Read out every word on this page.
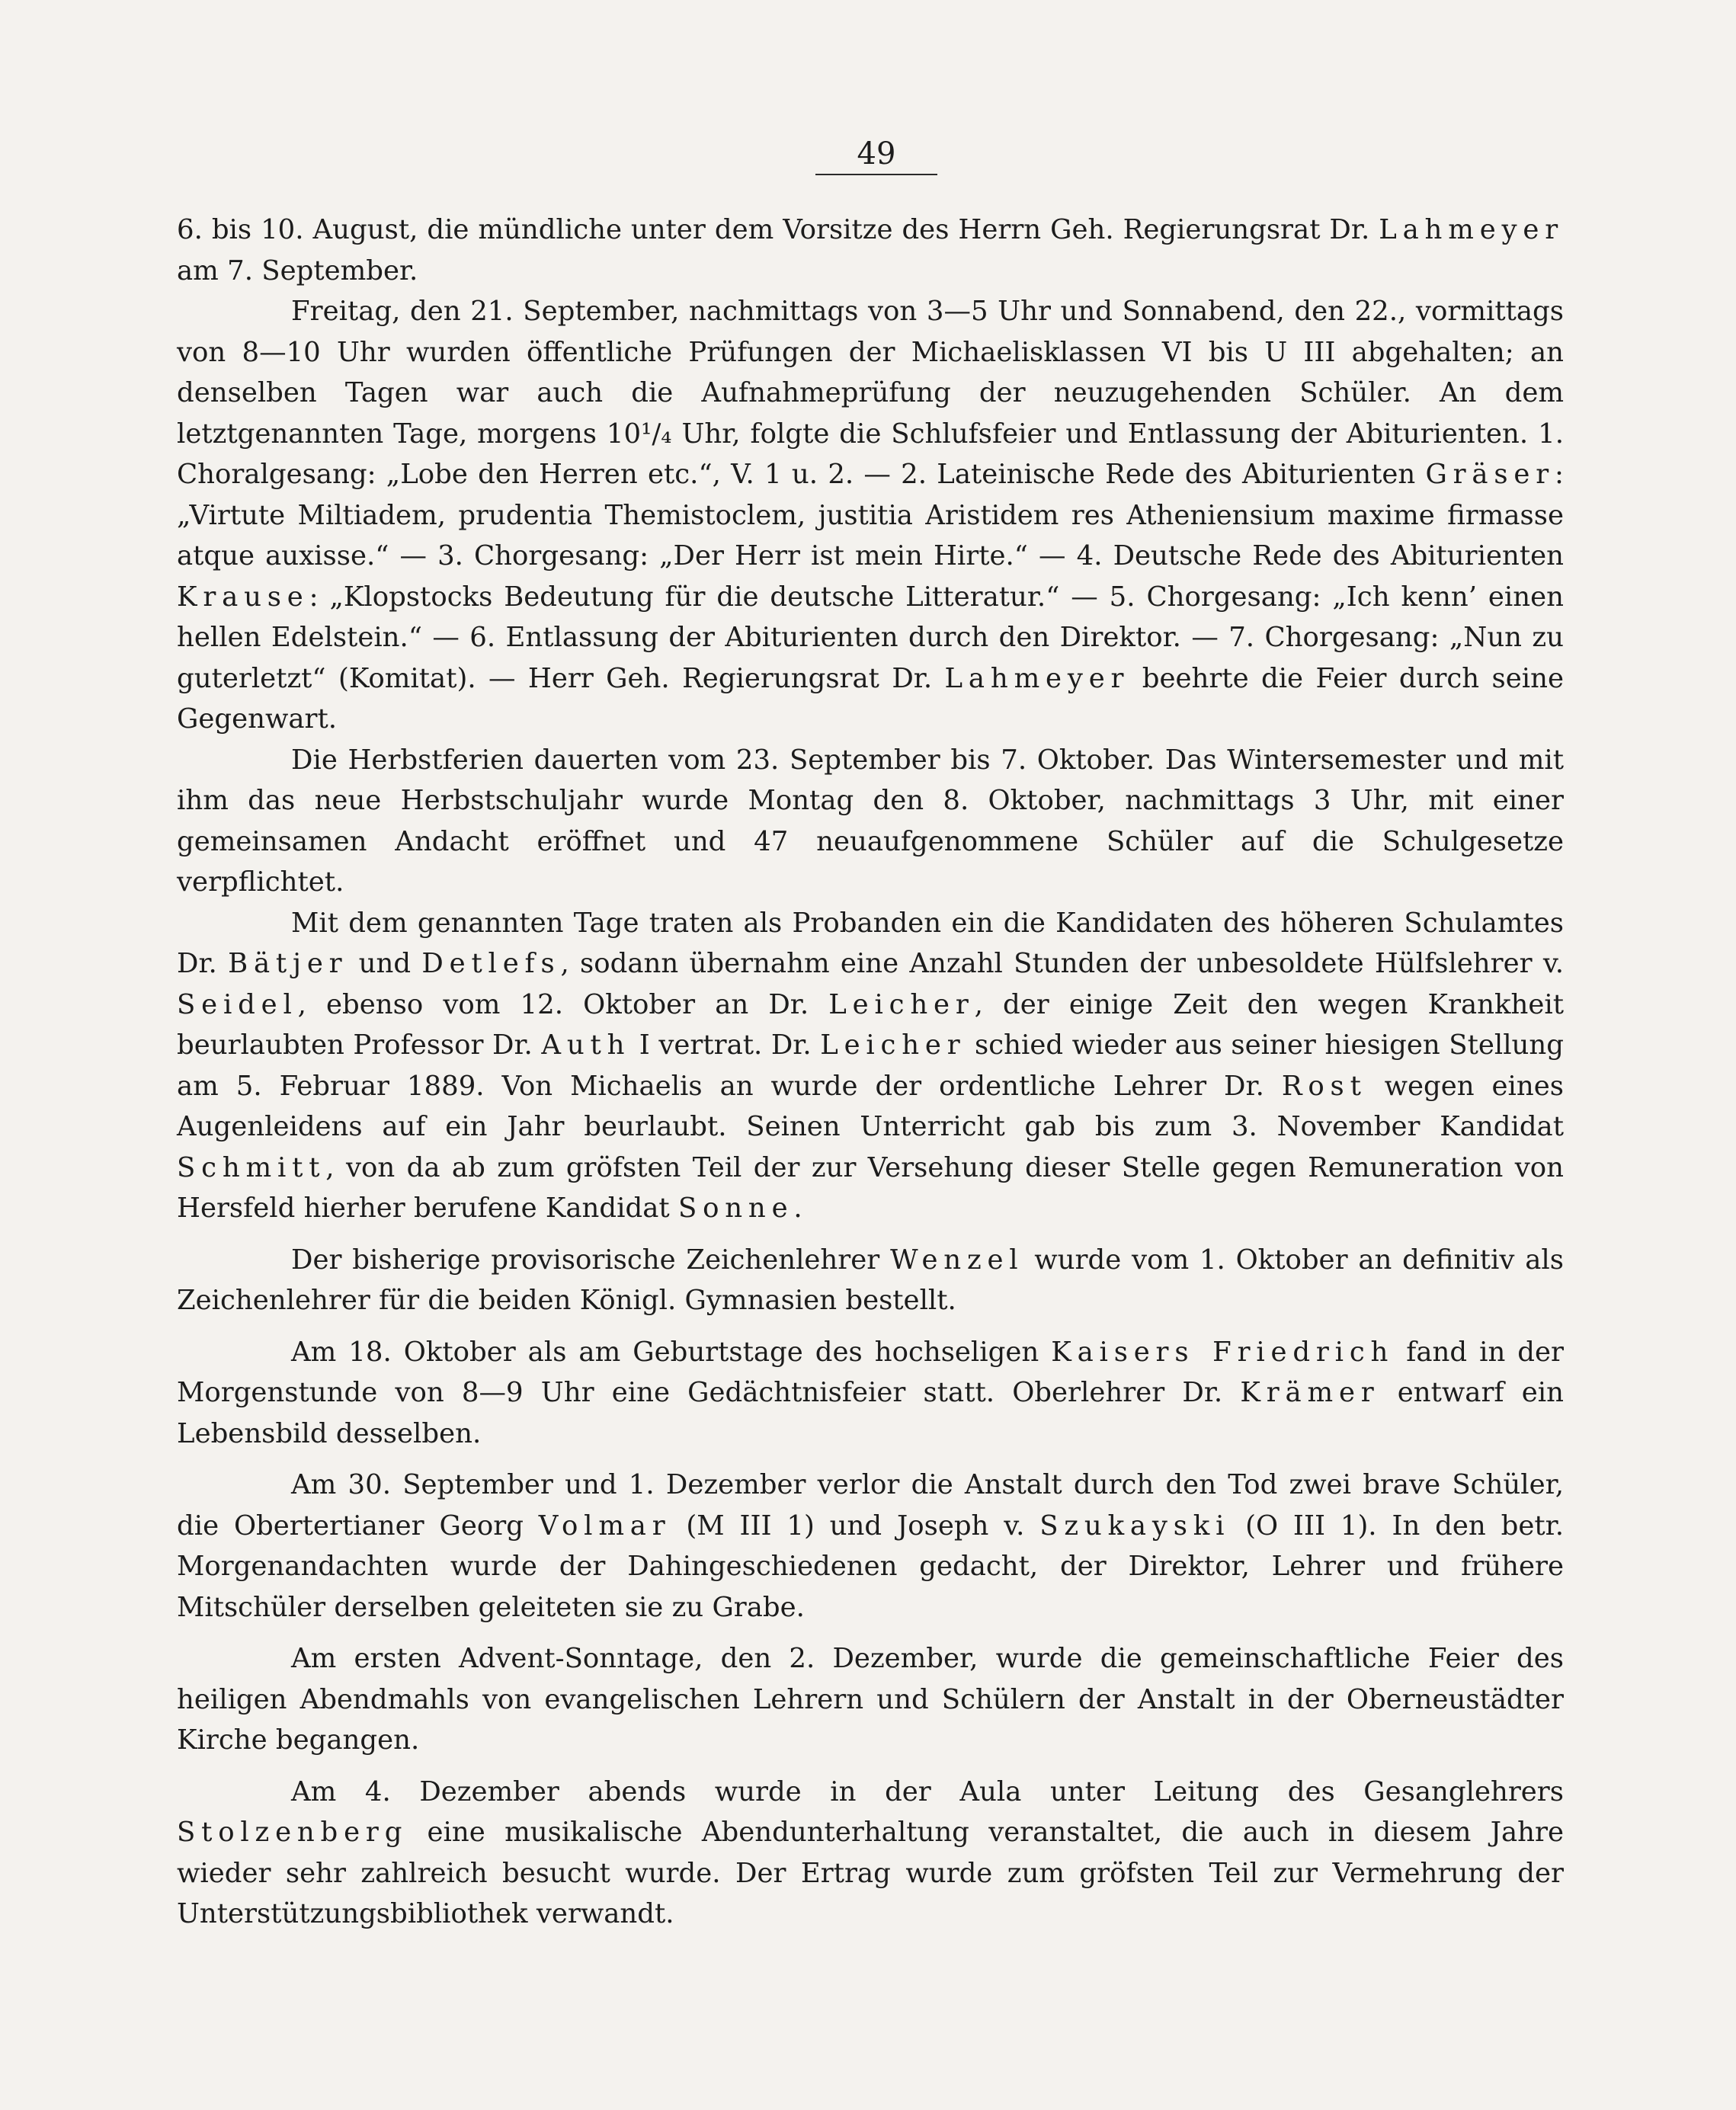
49

6. bis 10. August, die mündliche unter dem Vorsitze des Herrn Geh. Regierungsrat Dr. Lahmeyer am 7. September.

Freitag, den 21. September, nachmittags von 3—5 Uhr und Sonnabend, den 22., vormittags von 8—10 Uhr wurden öffentliche Prüfungen der Michaelisklassen VI bis U III abgehalten; an denselben Tagen war auch die Aufnahmeprüfung der neuzugehenden Schüler. An dem letztgenannten Tage, morgens 10¹/₄ Uhr, folgte die Schlufsfeier und Entlassung der Abiturienten. 1. Choralgesang: „Lobe den Herren etc.“, V. 1 u. 2. — 2. Lateinische Rede des Abiturienten Gräser: „Virtute Miltiadem, prudentia Themistoclem, justitia Aristidem res Atheniensium maxime firmasse atque auxisse.“ — 3. Chorgesang: „Der Herr ist mein Hirte.“ — 4. Deutsche Rede des Abiturienten Krause: „Klopstocks Bedeutung für die deutsche Litteratur.“ — 5. Chorgesang: „Ich kenn’ einen hellen Edelstein.“ — 6. Entlassung der Abiturienten durch den Direktor. — 7. Chorgesang: „Nun zu guterletzt“ (Komitat). — Herr Geh. Regierungsrat Dr. Lahmeyer beehrte die Feier durch seine Gegenwart.

Die Herbstferien dauerten vom 23. September bis 7. Oktober. Das Wintersemester und mit ihm das neue Herbstschuljahr wurde Montag den 8. Oktober, nachmittags 3 Uhr, mit einer gemeinsamen Andacht eröffnet und 47 neuaufgenommene Schüler auf die Schulgesetze verpflichtet.

Mit dem genannten Tage traten als Probanden ein die Kandidaten des höheren Schulamtes Dr. Bätjer und Detlefs, sodann übernahm eine Anzahl Stunden der unbesoldete Hülfslehrer v. Seidel, ebenso vom 12. Oktober an Dr. Leicher, der einige Zeit den wegen Krankheit beurlaubten Professor Dr. Auth I vertrat. Dr. Leicher schied wieder aus seiner hiesigen Stellung am 5. Februar 1889. Von Michaelis an wurde der ordentliche Lehrer Dr. Rost wegen eines Augenleidens auf ein Jahr beurlaubt. Seinen Unterricht gab bis zum 3. November Kandidat Schmitt, von da ab zum gröfsten Teil der zur Versehung dieser Stelle gegen Remuneration von Hersfeld hierher berufene Kandidat Sonne.

Der bisherige provisorische Zeichenlehrer Wenzel wurde vom 1. Oktober an definitiv als Zeichenlehrer für die beiden Königl. Gymnasien bestellt.

Am 18. Oktober als am Geburtstage des hochseligen Kaisers Friedrich fand in der Morgenstunde von 8—9 Uhr eine Gedächtnisfeier statt. Oberlehrer Dr. Krämer entwarf ein Lebensbild desselben.

Am 30. September und 1. Dezember verlor die Anstalt durch den Tod zwei brave Schüler, die Obertertianer Georg Volmar (M III 1) und Joseph v. Szukayski (O III 1). In den betr. Morgenandachten wurde der Dahingeschiedenen gedacht, der Direktor, Lehrer und frühere Mitschüler derselben geleiteten sie zu Grabe.

Am ersten Advent-Sonntage, den 2. Dezember, wurde die gemeinschaftliche Feier des heiligen Abendmahls von evangelischen Lehrern und Schülern der Anstalt in der Oberneustädter Kirche begangen.

Am 4. Dezember abends wurde in der Aula unter Leitung des Gesanglehrers Stolzenberg eine musikalische Abendunterhaltung veranstaltet, die auch in diesem Jahre wieder sehr zahlreich besucht wurde. Der Ertrag wurde zum gröfsten Teil zur Vermehrung der Unterstützungsbibliothek verwandt.
